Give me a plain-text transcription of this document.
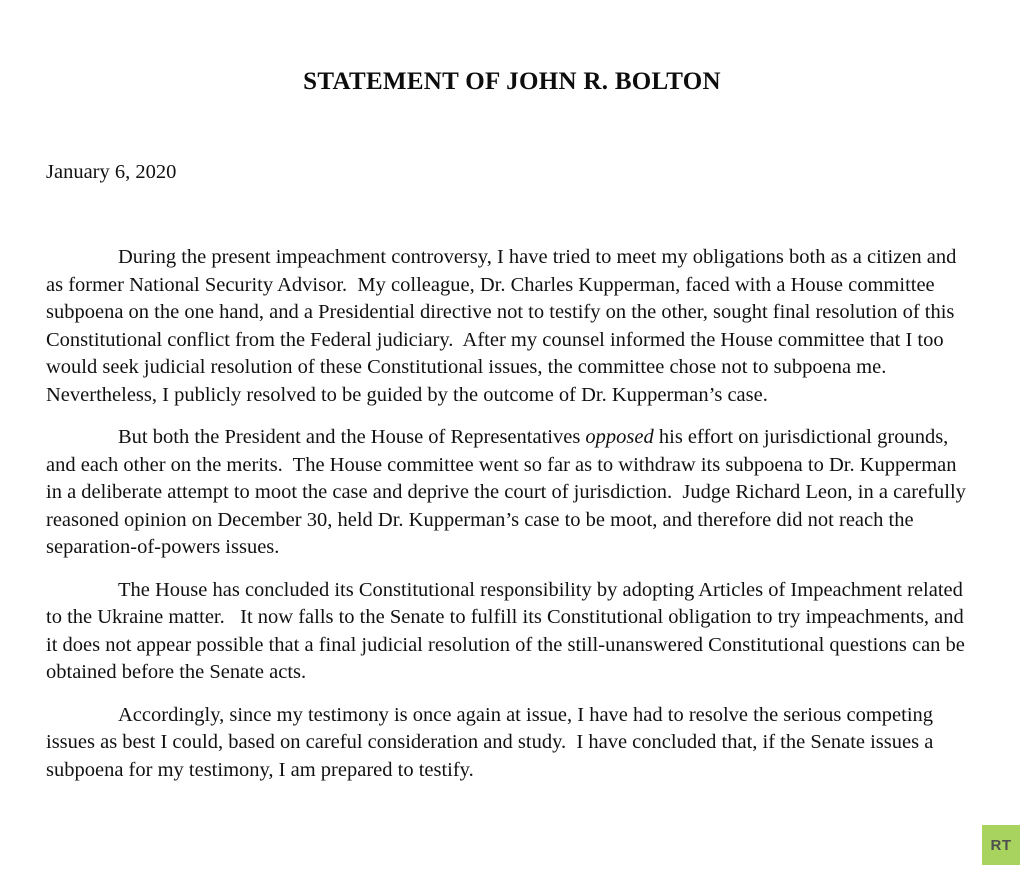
STATEMENT OF JOHN R. BOLTON
January 6, 2020

During the present impeachment controversy, I have tried to meet my obligations both as a citizen and as former National Security Advisor.  My colleague, Dr. Charles Kupperman, faced with a House committee subpoena on the one hand, and a Presidential directive not to testify on the other, sought final resolution of this Constitutional conflict from the Federal judiciary.  After my counsel informed the House committee that I too would seek judicial resolution of these Constitutional issues, the committee chose not to subpoena me.  Nevertheless, I publicly resolved to be guided by the outcome of Dr. Kupperman’s case.

But both the President and the House of Representatives opposed his effort on jurisdictional grounds, and each other on the merits.  The House committee went so far as to withdraw its subpoena to Dr. Kupperman in a deliberate attempt to moot the case and deprive the court of jurisdiction.  Judge Richard Leon, in a carefully reasoned opinion on December 30, held Dr. Kupperman’s case to be moot, and therefore did not reach the separation-of-powers issues.

The House has concluded its Constitutional responsibility by adopting Articles of Impeachment related to the Ukraine matter.   It now falls to the Senate to fulfill its Constitutional obligation to try impeachments, and it does not appear possible that a final judicial resolution of the still-unanswered Constitutional questions can be obtained before the Senate acts.

Accordingly, since my testimony is once again at issue, I have had to resolve the serious competing issues as best I could, based on careful consideration and study.  I have concluded that, if the Senate issues a subpoena for my testimony, I am prepared to testify.

RT
